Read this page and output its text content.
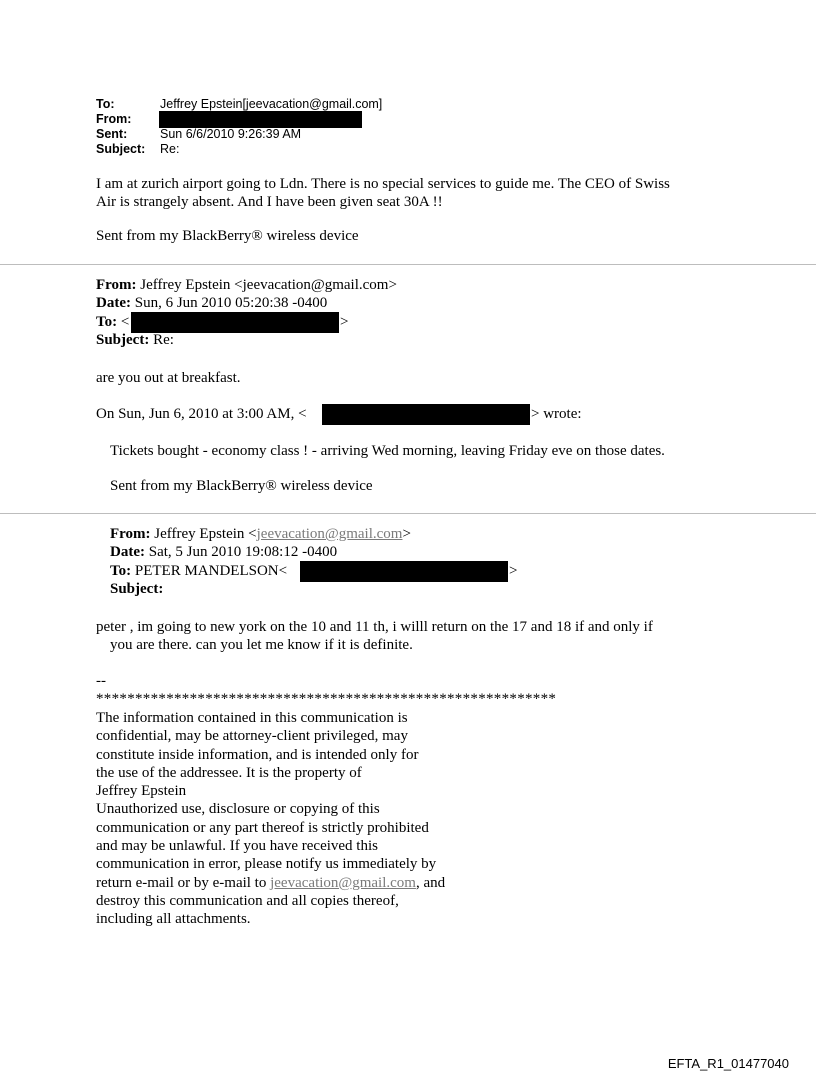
To:	Jeffrey Epstein[jeevacation@gmail.com]
From:
Sent:	Sun 6/6/2010 9:26:39 AM
Subject: Re:
I am at zurich airport going to Ldn. There is no special services to guide me. The CEO of Swiss
Air is strangely absent. And I have been given seat 30A !!
Sent from my BlackBerry® wireless device
From: Jeffrey Epstein <jeevacation@gmail.com>
Date: Sun, 6 Jun 2010 05:20:38 -0400
To: <	>
Subject: Re:
are you out at breakfast.
On Sun, Jun 6, 2010 at 3:00 AM, <	> wrote:
Tickets bought - economy class ! - arriving Wed morning, leaving Friday eve on those dates.
Sent from my BlackBerry® wireless device
From: Jeffrey Epstein <jeevacation@gmail.com>
Date: Sat, 5 Jun 2010 19:08:12 -0400
To: PETER MANDELSON<	>
Subject:
peter , im going to new york on the 10 and 11 th, i willl return on the 17 and 18 if and only if
you are there. can you let me know if it is definite.
--
***********************************************************
The information contained in this communication is
confidential, may be attorney-client privileged, may
constitute inside information, and is intended only for
the use of the addressee. It is the property of
Jeffrey Epstein
Unauthorized use, disclosure or copying of this
communication or any part thereof is strictly prohibited
and may be unlawful. If you have received this
communication in error, please notify us immediately by
return e-mail or by e-mail to jeevacation@gmail.com, and
destroy this communication and all copies thereof,
including all attachments.
EFTA_R1_01477040
